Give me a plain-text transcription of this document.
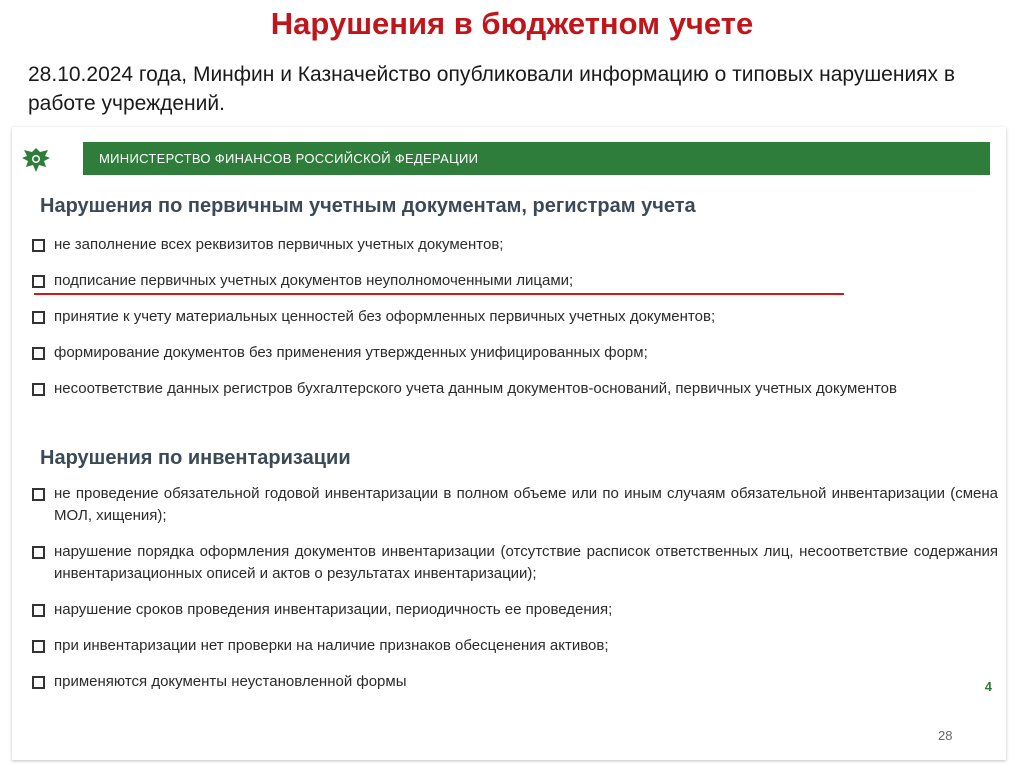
Нарушения в бюджетном учете
28.10.2024 года, Минфин и Казначейство опубликовали информацию о типовых нарушениях в работе учреждений.
МИНИСТЕРСТВО ФИНАНСОВ РОССИЙСКОЙ ФЕДЕРАЦИИ
Нарушения по первичным учетным документам, регистрам учета
не заполнение всех реквизитов первичных учетных документов;
подписание первичных учетных документов неуполномоченными лицами;
принятие к учету материальных ценностей без оформленных первичных учетных документов;
формирование документов без применения утвержденных унифицированных форм;
несоответствие данных регистров бухгалтерского учета данным документов-оснований, первичных учетных документов
Нарушения по инвентаризации
не проведение обязательной годовой инвентаризации в полном объеме или по иным случаям обязательной инвентаризации (смена МОЛ, хищения);
нарушение порядка оформления документов инвентаризации (отсутствие расписок ответственных лиц, несоответствие содержания инвентаризационных описей и актов о результатах инвентаризации);
нарушение сроков проведения инвентаризации, периодичность ее проведения;
при инвентаризации нет проверки на наличие признаков обесценения активов;
применяются документы неустановленной формы	4
28
